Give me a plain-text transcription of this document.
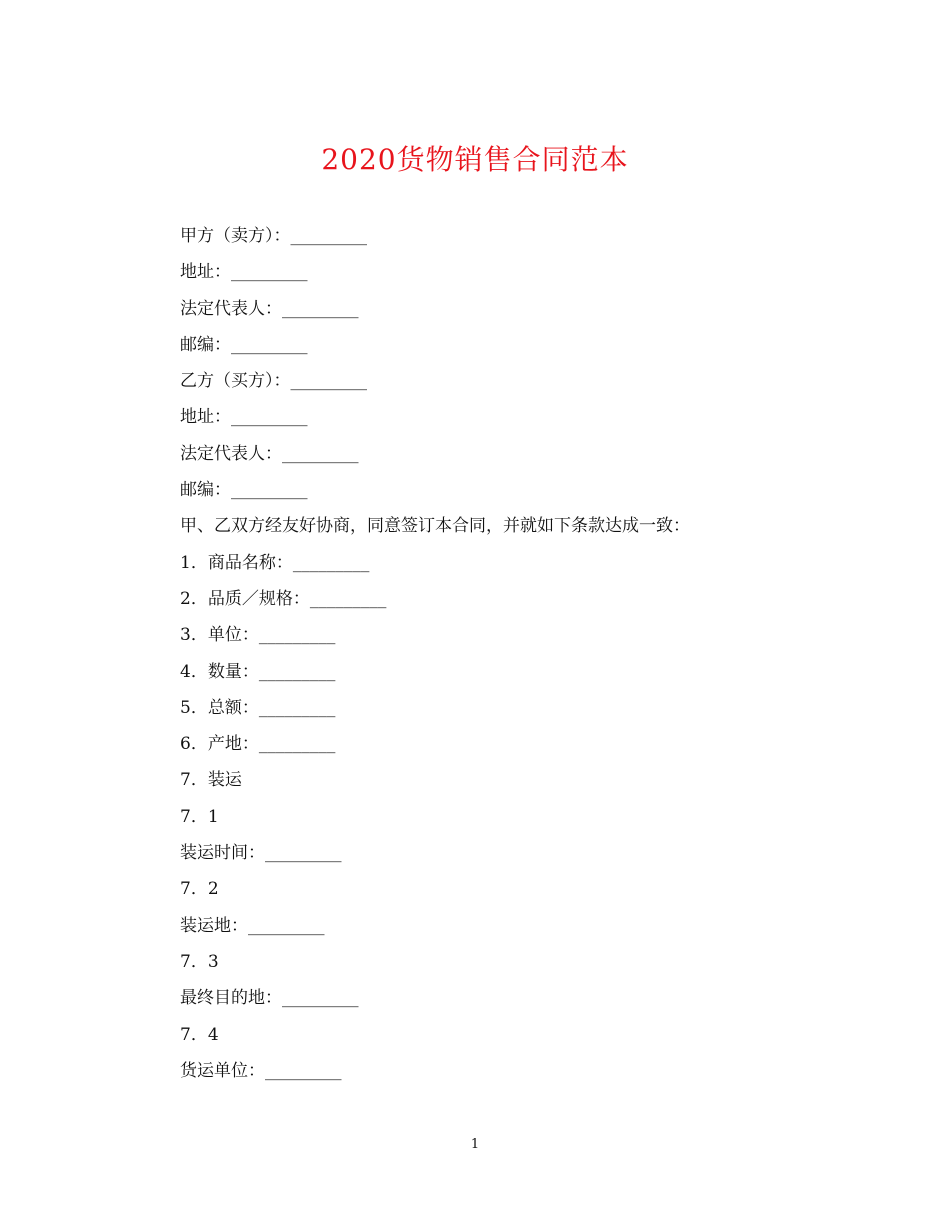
2020货物销售合同范本
甲方（卖方）：_________
地址：_________
法定代表人：_________
邮编：_________
乙方（买方）：_________
地址：_________
法定代表人：_________
邮编：_________
甲、乙双方经友好协商，同意签订本合同，并就如下条款达成一致：
1．商品名称：_________
2．品质／规格：_________
3．单位：_________
4．数量：_________
5．总额：_________
6．产地：_________
7．装运
7．1
装运时间：_________
7．2
装运地：_________
7．3
最终目的地：_________
7．4
货运单位：_________
1
